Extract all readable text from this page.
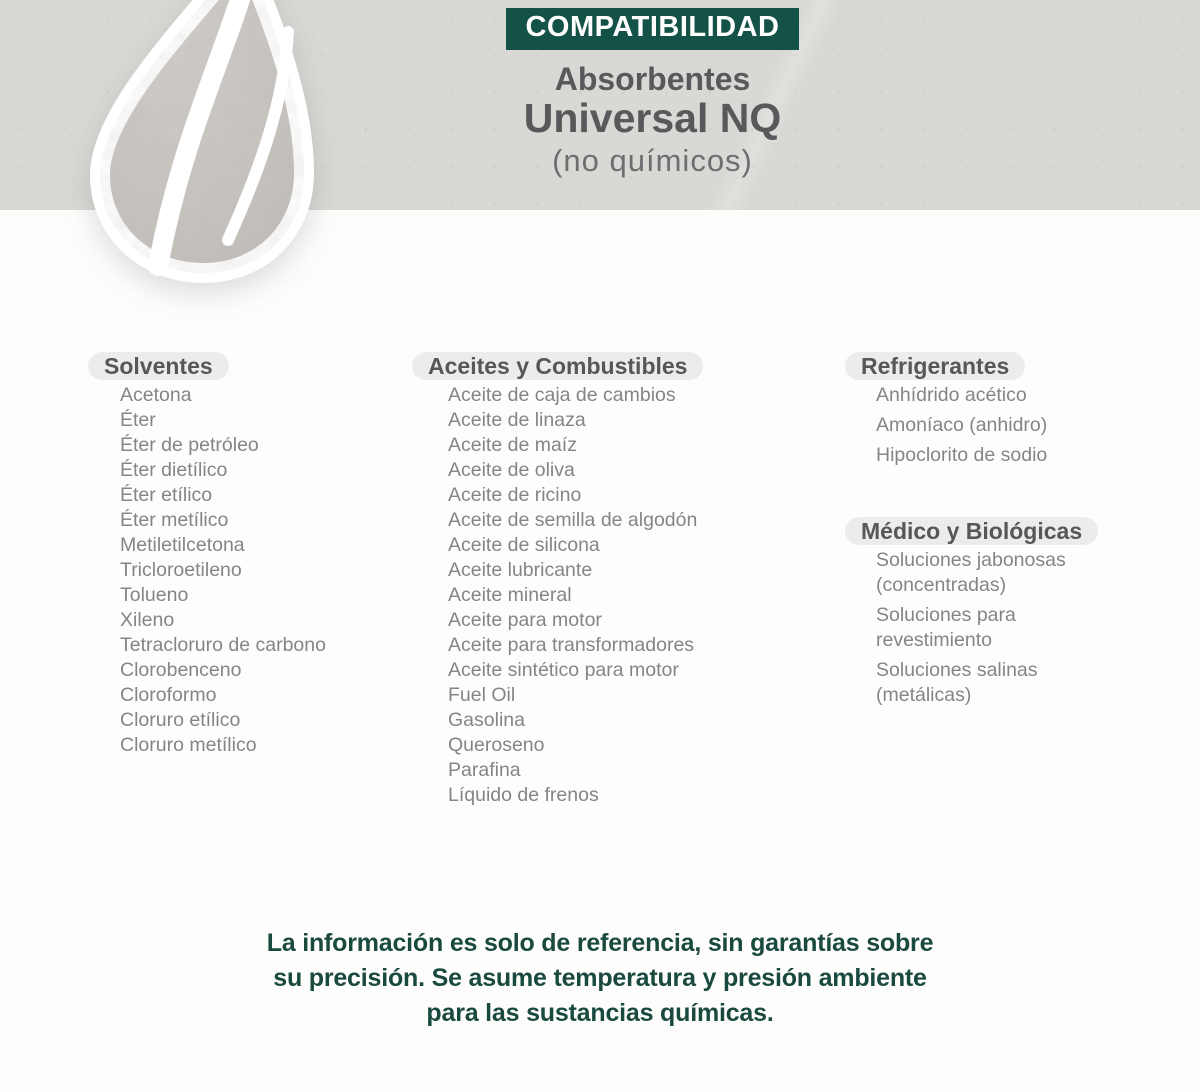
COMPATIBILIDAD
Absorbentes
Universal NQ
(no químicos)
Solventes
Acetona
Éter
Éter de petróleo
Éter dietílico
Éter etílico
Éter metílico
Metiletilcetona
Tricloroetileno
Tolueno
Xileno
Tetracloruro de carbono
Clorobenceno
Cloroformo
Cloruro etílico
Cloruro metílico
Aceites y Combustibles
Aceite de caja de cambios
Aceite de linaza
Aceite de maíz
Aceite de oliva
Aceite de ricino
Aceite de semilla de algodón
Aceite de silicona
Aceite lubricante
Aceite mineral
Aceite para motor
Aceite para transformadores
Aceite sintético para motor
Fuel Oil
Gasolina
Queroseno
Parafina
Líquido de frenos
Refrigerantes
Anhídrido acético
Amoníaco (anhidro)
Hipoclorito de sodio
Médico y Biológicas
Soluciones jabonosas (concentradas)
Soluciones para revestimiento
Soluciones salinas (metálicas)
La información es solo de referencia, sin garantías sobre
su precisión. Se asume temperatura y presión ambiente
para las sustancias químicas.
